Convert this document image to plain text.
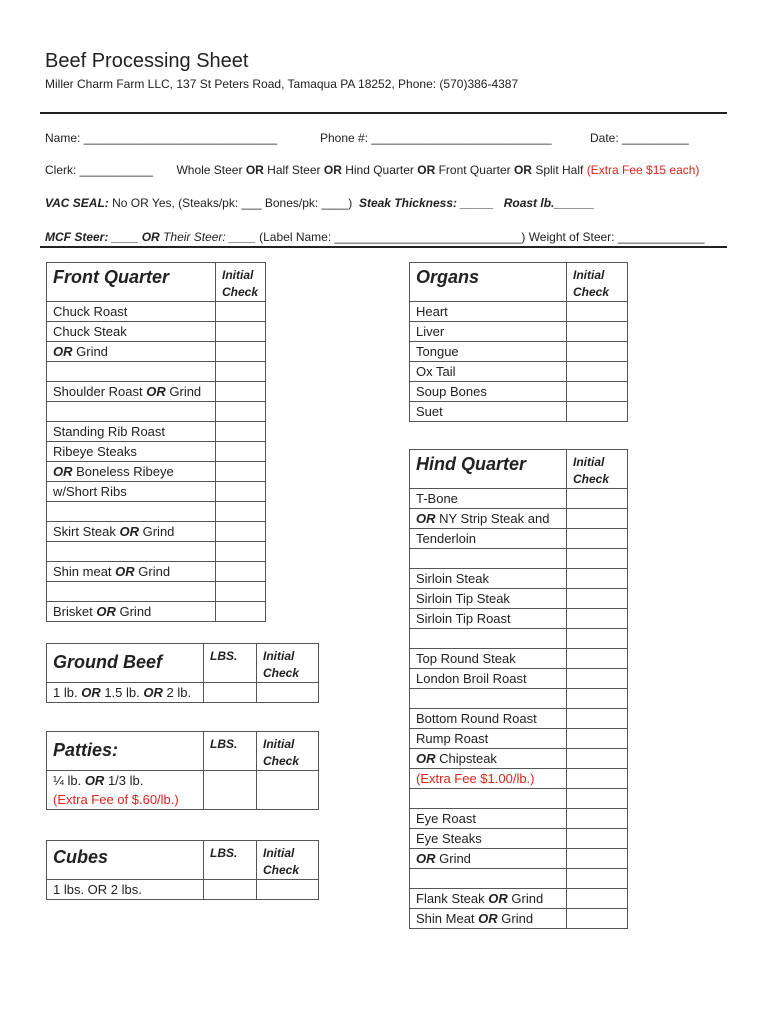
Beef Processing Sheet
Miller Charm Farm LLC, 137 St Peters Road, Tamaqua PA 18252, Phone: (570)386-4387
Name: _____________________________	Phone #: ___________________________	Date: __________
Clerk: ___________ Whole Steer OR Half Steer OR Hind Quarter OR Front Quarter OR Split Half (Extra Fee $15 each)
VAC SEAL: No OR Yes, (Steaks/pk: ___ Bones/pk: ____) Steak Thickness: _____ Roast lb.______
MCF Steer: ____ OR Their Steer: ____ (Label Name: ____________________________) Weight of Steer: _____________
Front Quarter	Initial Check
Chuck Roast	
Chuck Steak	
OR Grind	

Shoulder Roast OR Grind	

Standing Rib Roast	
Ribeye Steaks	
OR Boneless Ribeye	
w/Short Ribs	

Skirt Steak OR Grind	

Shin meat OR Grind	

Brisket OR Grind	
Organs	Initial Check
Heart	
Liver	
Tongue	
Ox Tail	
Soup Bones	
Suet	
Hind Quarter	Initial Check
T-Bone	
OR NY Strip Steak and	
Tenderloin	

Sirloin Steak	
Sirloin Tip Steak	
Sirloin Tip Roast	

Top Round Steak	
London Broil Roast	

Bottom Round Roast	
Rump Roast	
OR Chipsteak	
(Extra Fee $1.00/lb.)	

Eye Roast	
Eye Steaks	
OR Grind	

Flank Steak OR Grind	
Shin Meat OR Grind	
Ground Beef	LBS.	Initial Check
1 lb. OR 1.5 lb. OR 2 lb.		
Patties:	LBS.	Initial Check
¼ lb. OR 1/3 lb.
(Extra Fee of $.60/lb.)		
Cubes	LBS.	Initial Check
1 lbs. OR 2 lbs.		
